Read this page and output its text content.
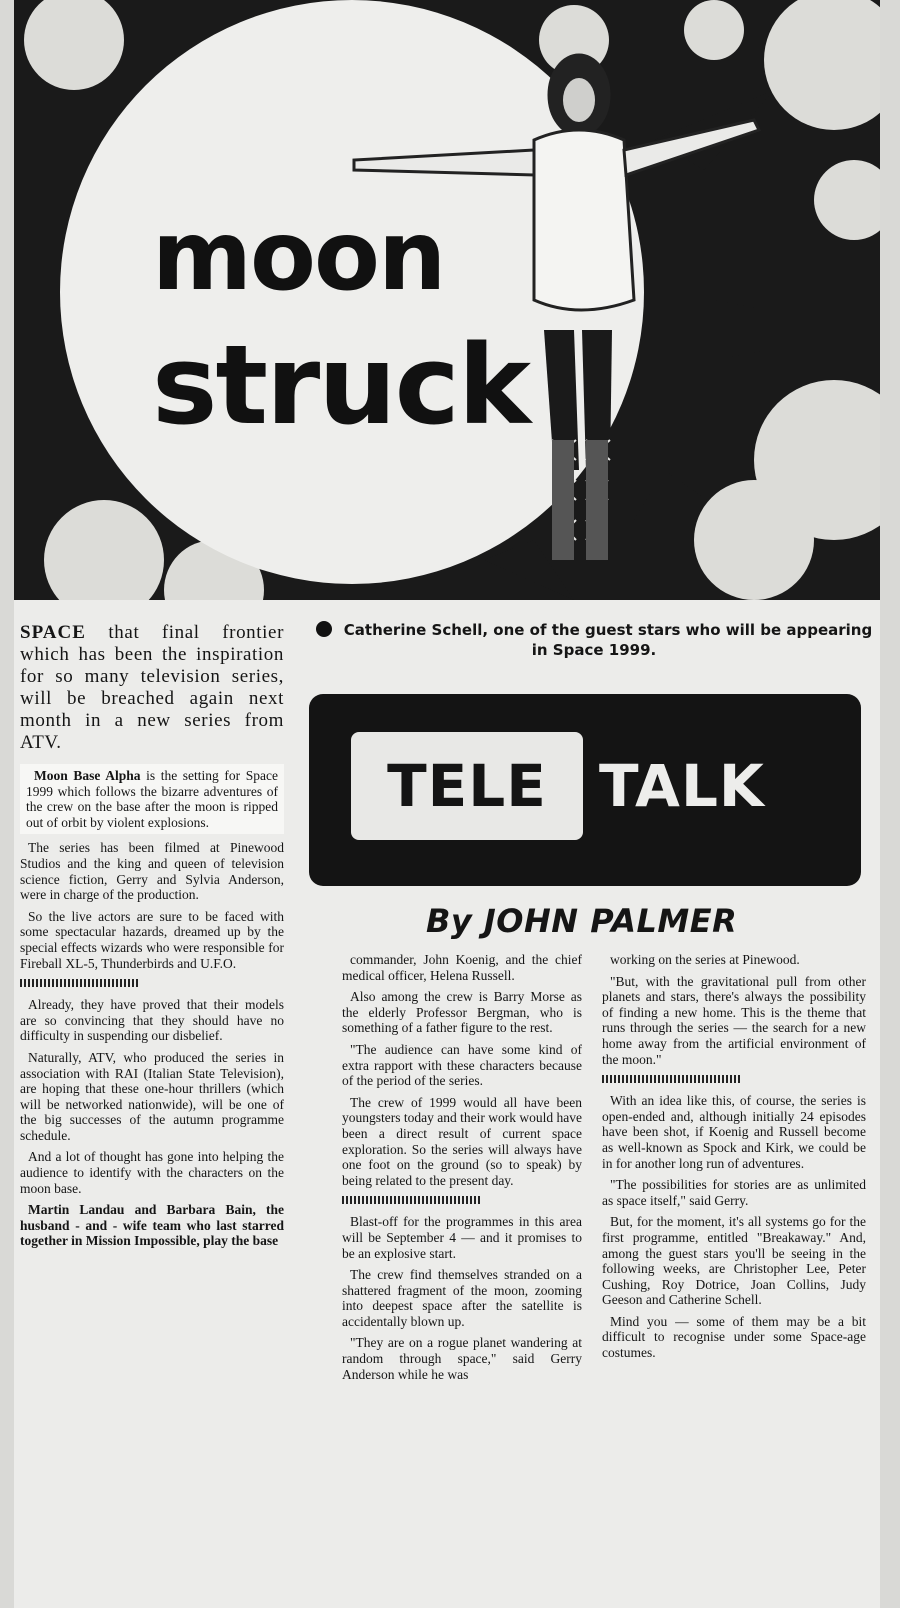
moon
struck
SPACE that final frontier which has been the inspiration for so many television series, will be breached again next month in a new series from ATV.

Moon Base Alpha is the setting for Space 1999 which follows the bizarre adventures of the crew on the base after the moon is ripped out of orbit by violent explosions.

The series has been filmed at Pinewood Studios and the king and queen of television science fiction, Gerry and Sylvia Anderson, were in charge of the production.

So the live actors are sure to be faced with some spectacular hazards, dreamed up by the special effects wizards who were responsible for Fireball XL-5, Thunderbirds and U.F.O.

Already, they have proved that their models are so convincing that they should have no difficulty in suspending our disbelief.

Naturally, ATV, who produced the series in association with RAI (Italian State Television), are hoping that these one-hour thrillers (which will be networked nationwide), will be one of the big successes of the autumn programme schedule.

And a lot of thought has gone into helping the audience to identify with the characters on the moon base.

Martin Landau and Barbara Bain, the husband - and - wife team who last starred together in Mission Impossible, play the base

Catherine Schell, one of the guest stars who will be appearing in Space 1999.
TELE TALK
By JOHN PALMER

commander, John Koenig, and the chief medical officer, Helena Russell.

Also among the crew is Barry Morse as the elderly Professor Bergman, who is something of a father figure to the rest.

"The audience can have some kind of extra rapport with these characters because of the period of the series.

The crew of 1999 would all have been youngsters today and their work would have been a direct result of current space exploration. So the series will always have one foot on the ground (so to speak) by being related to the present day.

Blast-off for the programmes in this area will be September 4 — and it promises to be an explosive start.

The crew find themselves stranded on a shattered fragment of the moon, zooming into deepest space after the satellite is accidentally blown up.

"They are on a rogue planet wandering at random through space," said Gerry Anderson while he was

working on the series at Pinewood.

"But, with the gravitational pull from other planets and stars, there's always the possibility of finding a new home. This is the theme that runs through the series — the search for a new home away from the artificial environment of the moon."

With an idea like this, of course, the series is open-ended and, although initially 24 episodes have been shot, if Koenig and Russell become as well-known as Spock and Kirk, we could be in for another long run of adventures.

"The possibilities for stories are as unlimited as space itself," said Gerry.

But, for the moment, it's all systems go for the first programme, entitled "Breakaway." And, among the guest stars you'll be seeing in the following weeks, are Christopher Lee, Peter Cushing, Roy Dotrice, Joan Collins, Judy Geeson and Catherine Schell.

Mind you — some of them may be a bit difficult to recognise under some Space-age costumes.
